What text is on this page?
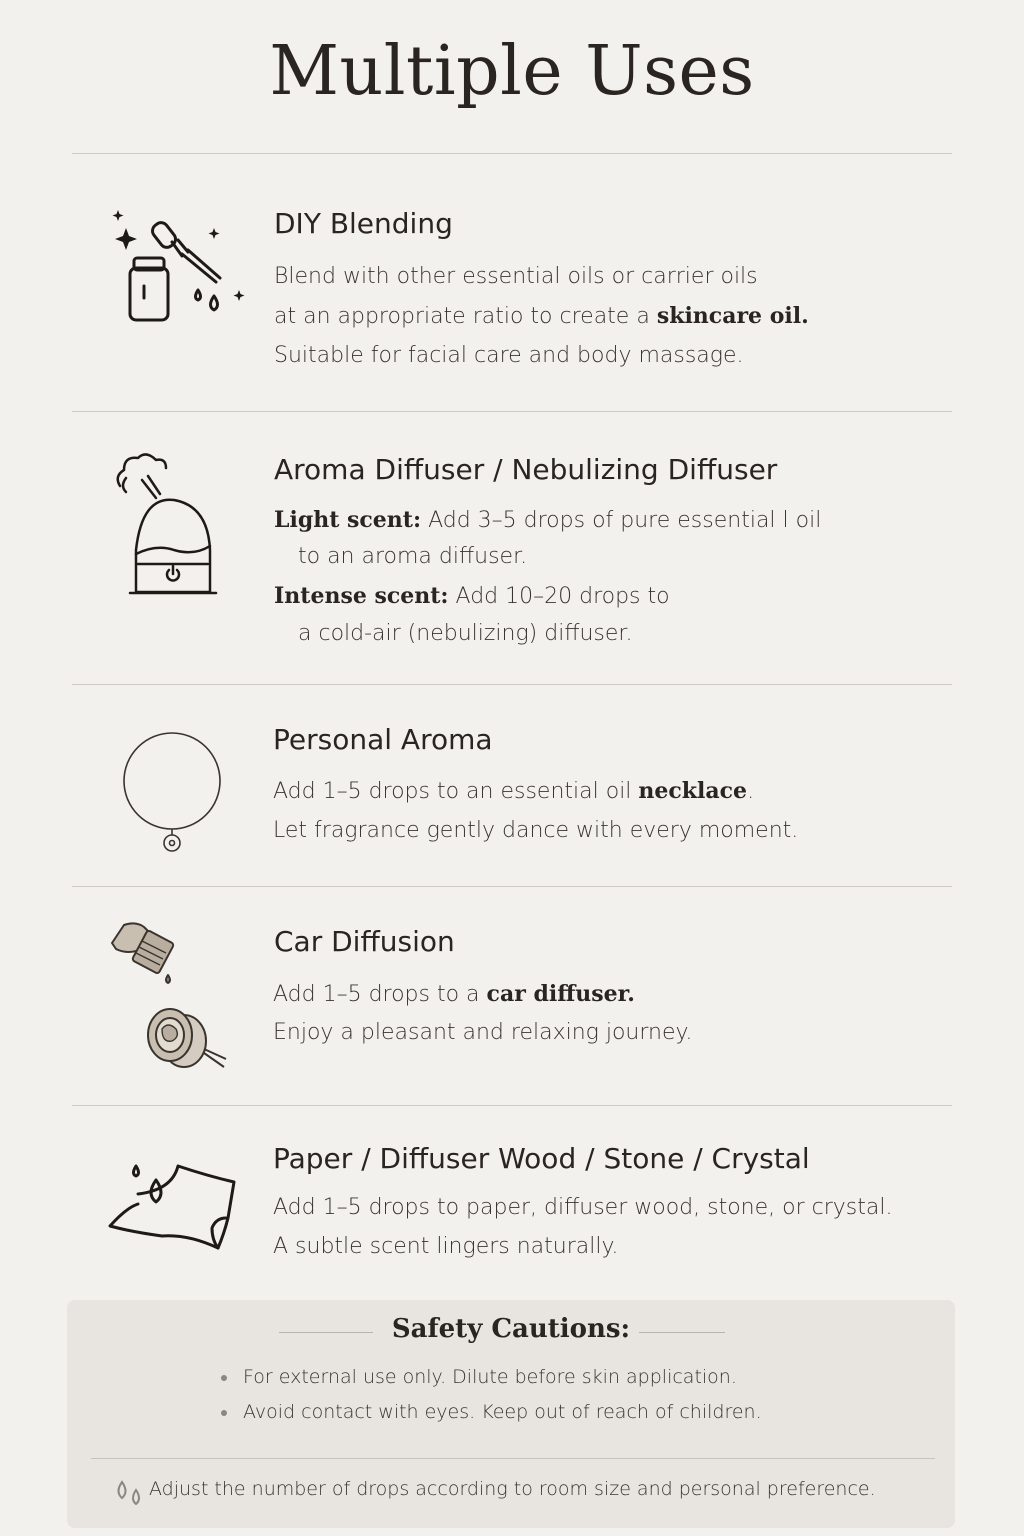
Multiple Uses
DIY Blending
Blend with other essential oils or carrier oils
at an appropriate ratio to create a skincare oil.
Suitable for facial care and body massage.
Aroma Diffuser / Nebulizing Diffuser
Light scent: Add 3–5 drops of pure essential l oil
to an aroma diffuser.
Intense scent: Add 10–20 drops to
a cold-air (nebulizing) diffuser.
Personal Aroma
Add 1–5 drops to an essential oil necklace.
Let fragrance gently dance with every moment.
Car Diffusion
Add 1–5 drops to a car diffuser.
Enjoy a pleasant and relaxing journey.
Paper / Diffuser Wood / Stone / Crystal
Add 1–5 drops to paper, diffuser wood, stone, or crystal.
A subtle scent lingers naturally.
Safety Cautions:
For external use only. Dilute before skin application.
Avoid contact with eyes. Keep out of reach of children.
Adjust the number of drops according to room size and personal preference.
